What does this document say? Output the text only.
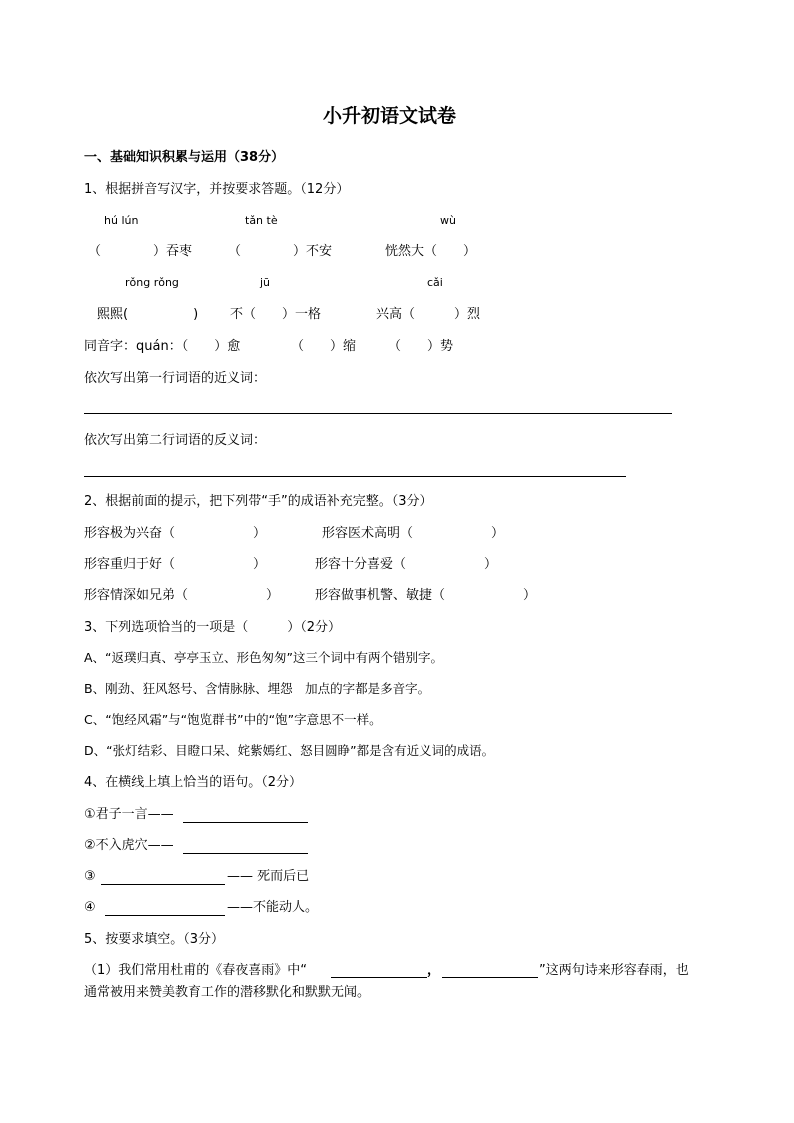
小升初语文试卷
一、基础知识积累与运用（38分）
1、根据拼音写汉字，并按要求答题。（12分）
hú lún	tǎn tè	wù
（　　　　）吞枣	（　　　　）不安	恍然大（　　）
rǒng rǒng	jū	cǎi
熙熙(　　　　　) 不（　　）一格	兴高（　　　）烈
同音字：quán：（　　）愈	（　　）缩 （　　）势
依次写出第一行词语的近义词：
依次写出第二行词语的反义词：
2、根据前面的提示，把下列带“手”的成语补充完整。（3分）
形容极为兴奋（　　　　　　）	形容医术高明（　　　　　　）
形容重归于好（　　　　　　）	形容十分喜爱（　　　　　　）
形容情深如兄弟（　　　　　　）	形容做事机警、敏捷（　　　　　　）
3、下列选项恰当的一项是（　　　）（2分）
A、“返璞归真、亭亭玉立、形色匆匆”这三个词中有两个错别字。
B、刚劲、狂风怒号、含情脉脉、埋怨　加点的字都是多音字。
C、“饱经风霜”与“饱览群书”中的“饱”字意思不一样。
D、“张灯结彩、目瞪口呆、姹紫嫣红、怒目圆睁”都是含有近义词的成语。
4、在横线上填上恰当的语句。（2分）
①君子一言——
②不入虎穴——
③	—— 死而后已
④	——不能动人。
5、按要求填空。（3分）
（1）我们常用杜甫的《春夜喜雨》中“	，	”这两句诗来形容春雨，也
通常被用来赞美教育工作的潜移默化和默默无闻。
